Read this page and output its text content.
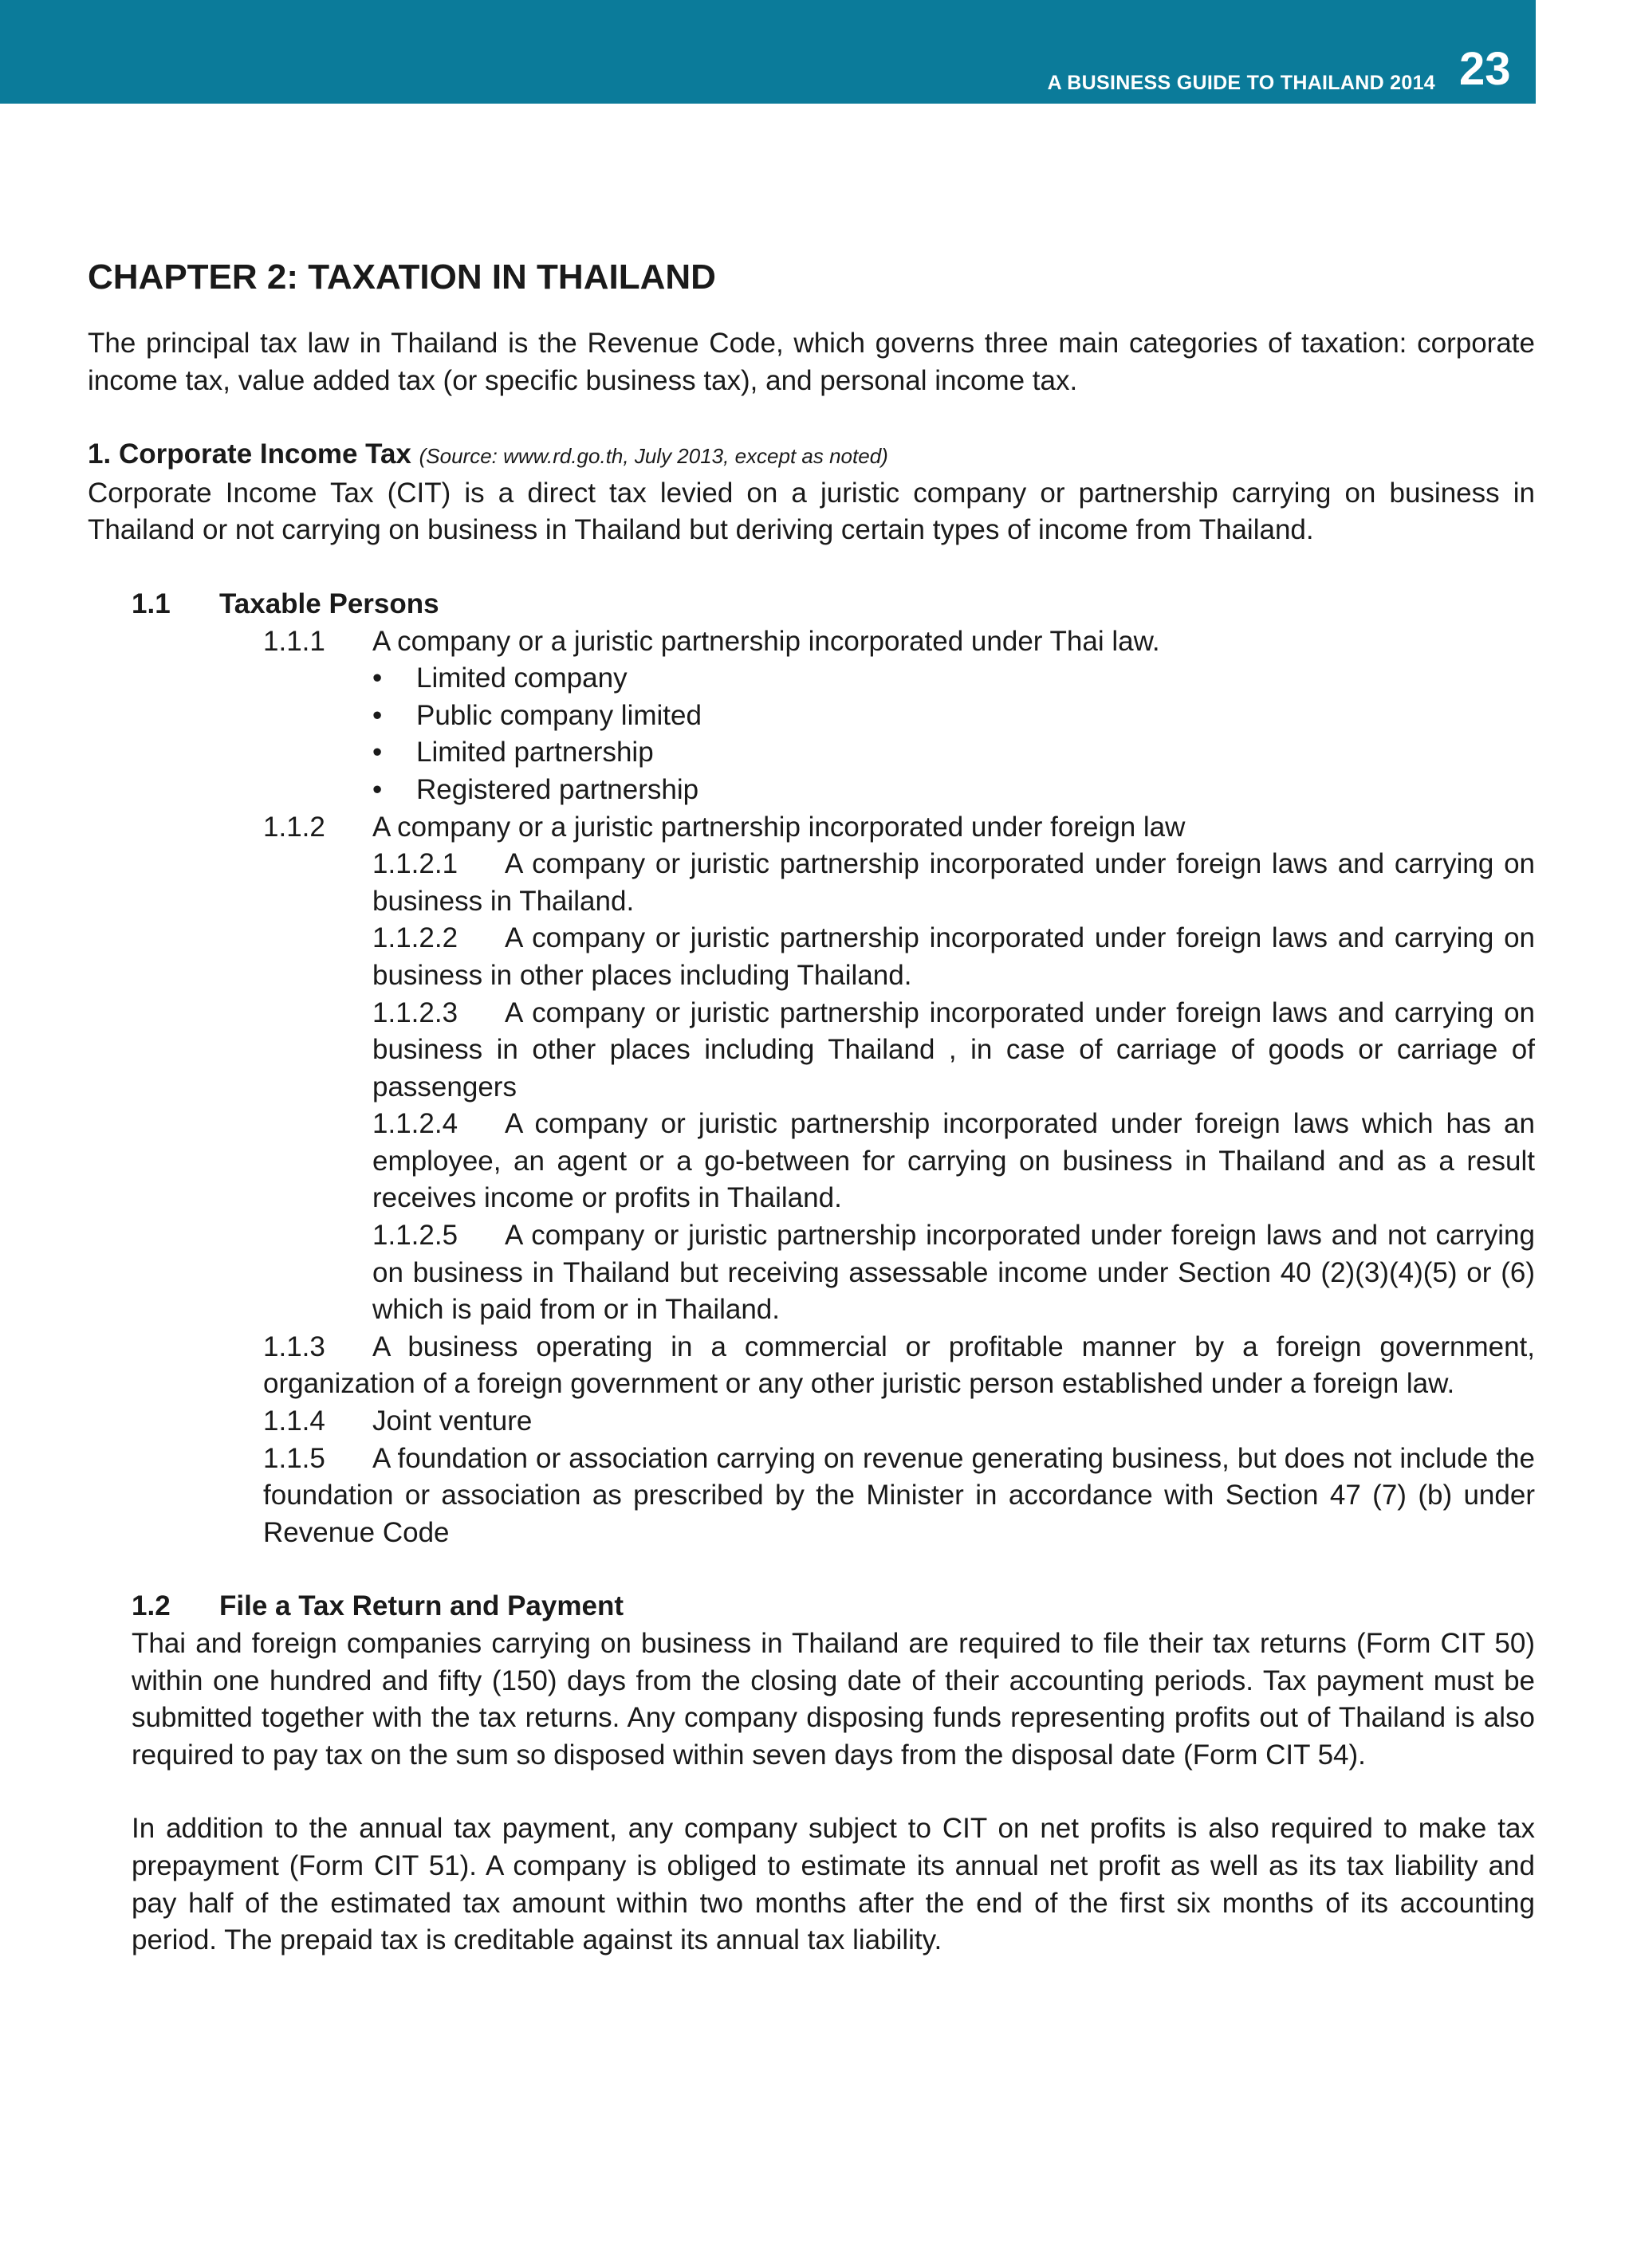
A BUSINESS GUIDE TO THAILAND 2014 23
CHAPTER 2: TAXATION IN THAILAND

The principal tax law in Thailand is the Revenue Code, which governs three main categories of taxation: corporate income tax, value added tax (or specific business tax), and personal income tax.

1. Corporate Income Tax (Source: www.rd.go.th, July 2013, except as noted)

Corporate Income Tax (CIT) is a direct tax levied on a juristic company or partnership carrying on business in Thailand or not carrying on business in Thailand but deriving certain types of income from Thailand.

1.1 Taxable Persons
1.1.1 A company or a juristic partnership incorporated under Thai law.
• Limited company
• Public company limited
• Limited partnership
• Registered partnership
1.1.2 A company or a juristic partnership incorporated under foreign law
1.1.2.1 A company or juristic partnership incorporated under foreign laws and carrying on business in Thailand.
1.1.2.2 A company or juristic partnership incorporated under foreign laws and carrying on business in other places including Thailand.
1.1.2.3 A company or juristic partnership incorporated under foreign laws and carrying on business in other places including Thailand , in case of carriage of goods or carriage of passengers
1.1.2.4 A company or juristic partnership incorporated under foreign laws which has an employee, an agent or a go-between for carrying on business in Thailand and as a result receives income or profits in Thailand.
1.1.2.5 A company or juristic partnership incorporated under foreign laws and not carrying on business in Thailand but receiving assessable income under Section 40 (2)(3)(4)(5) or (6) which is paid from or in Thailand.
1.1.3 A business operating in a commercial or profitable manner by a foreign government, organization of a foreign government or any other juristic person established under a foreign law.
1.1.4 Joint venture
1.1.5 A foundation or association carrying on revenue generating business, but does not include the foundation or association as prescribed by the Minister in accordance with Section 47 (7) (b) under Revenue Code
1.2 File a Tax Return and Payment

Thai and foreign companies carrying on business in Thailand are required to file their tax returns (Form CIT 50) within one hundred and fifty (150) days from the closing date of their accounting periods. Tax payment must be submitted together with the tax returns. Any company disposing funds representing profits out of Thailand is also required to pay tax on the sum so disposed within seven days from the disposal date (Form CIT 54).

In addition to the annual tax payment, any company subject to CIT on net profits is also required to make tax prepayment (Form CIT 51). A company is obliged to estimate its annual net profit as well as its tax liability and pay half of the estimated tax amount within two months after the end of the first six months of its accounting period. The prepaid tax is creditable against its annual tax liability.
